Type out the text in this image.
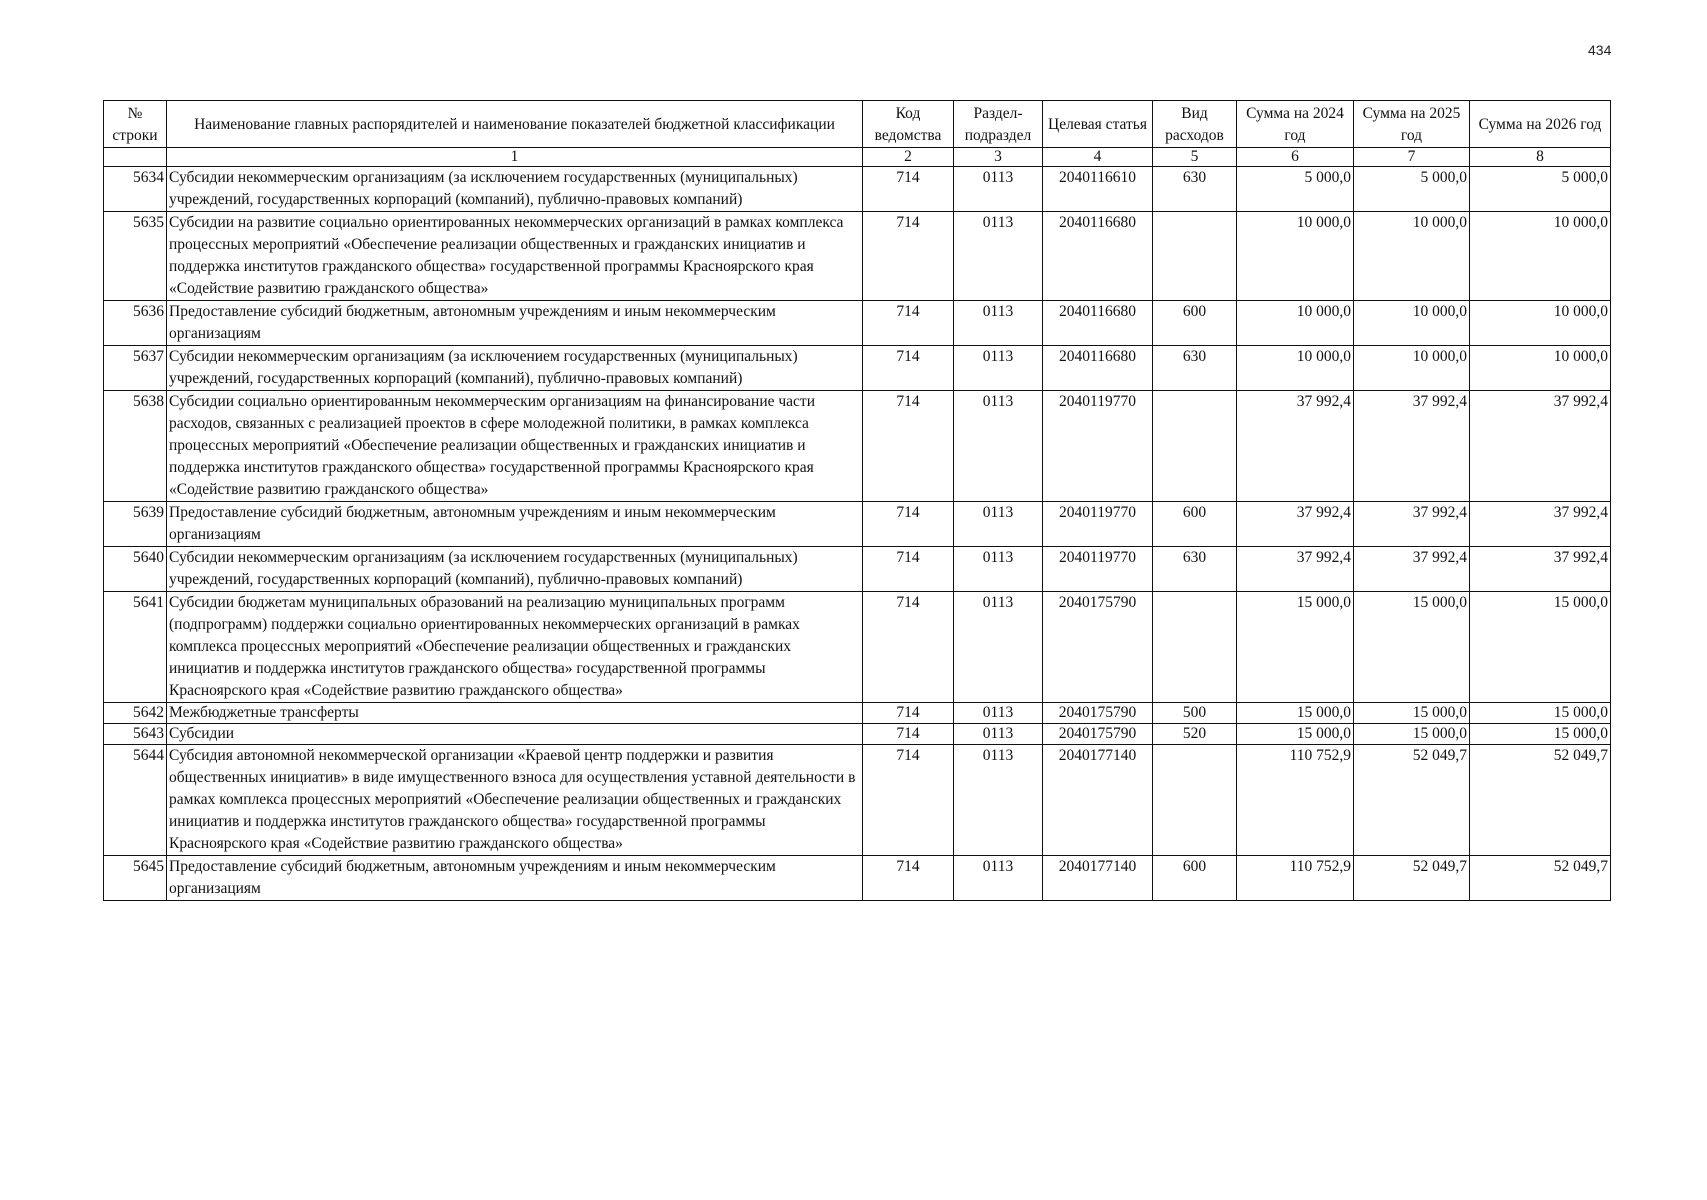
434
№ строки	Наименование главных распорядителей и наименование показателей бюджетной классификации	Код ведомства	Раздел-подраздел	Целевая статья	Вид расходов	Сумма на 2024 год	Сумма на 2025 год	Сумма на 2026 год
	1	2	3	4	5	6	7	8
5634	Субсидии некоммерческим организациям (за исключением государственных (муниципальных) учреждений, государственных корпораций (компаний), публично-правовых компаний)	714	0113	2040116610	630	5 000,0	5 000,0	5 000,0
5635	Субсидии на развитие социально ориентированных некоммерческих организаций в рамках комплекса процессных мероприятий «Обеспечение реализации общественных и гражданских инициатив и поддержка институтов гражданского общества» государственной программы Красноярского края «Содействие развитию гражданского общества»	714	0113	2040116680		10 000,0	10 000,0	10 000,0
5636	Предоставление субсидий бюджетным, автономным учреждениям и иным некоммерческим организациям	714	0113	2040116680	600	10 000,0	10 000,0	10 000,0
5637	Субсидии некоммерческим организациям (за исключением государственных (муниципальных) учреждений, государственных корпораций (компаний), публично-правовых компаний)	714	0113	2040116680	630	10 000,0	10 000,0	10 000,0
5638	Субсидии социально ориентированным некоммерческим организациям на финансирование части расходов, связанных с реализацией проектов в сфере молодежной политики, в рамках комплекса процессных мероприятий «Обеспечение реализации общественных и гражданских инициатив и поддержка институтов гражданского общества» государственной программы Красноярского края «Содействие развитию гражданского общества»	714	0113	2040119770		37 992,4	37 992,4	37 992,4
5639	Предоставление субсидий бюджетным, автономным учреждениям и иным некоммерческим организациям	714	0113	2040119770	600	37 992,4	37 992,4	37 992,4
5640	Субсидии некоммерческим организациям (за исключением государственных (муниципальных) учреждений, государственных корпораций (компаний), публично-правовых компаний)	714	0113	2040119770	630	37 992,4	37 992,4	37 992,4
5641	Субсидии бюджетам муниципальных образований на реализацию муниципальных программ (подпрограмм) поддержки социально ориентированных некоммерческих организаций в рамках комплекса процессных мероприятий «Обеспечение реализации общественных и гражданских инициатив и поддержка институтов гражданского общества» государственной программы Красноярского края «Содействие развитию гражданского общества»	714	0113	2040175790		15 000,0	15 000,0	15 000,0
5642	Межбюджетные трансферты	714	0113	2040175790	500	15 000,0	15 000,0	15 000,0
5643	Субсидии	714	0113	2040175790	520	15 000,0	15 000,0	15 000,0
5644	Субсидия автономной некоммерческой организации «Краевой центр поддержки и развития общественных инициатив» в виде имущественного взноса для осуществления уставной деятельности в рамках комплекса процессных мероприятий «Обеспечение реализации общественных и гражданских инициатив и поддержка институтов гражданского общества» государственной программы Красноярского края «Содействие развитию гражданского общества»	714	0113	2040177140		110 752,9	52 049,7	52 049,7
5645	Предоставление субсидий бюджетным, автономным учреждениям и иным некоммерческим организациям	714	0113	2040177140	600	110 752,9	52 049,7	52 049,7
